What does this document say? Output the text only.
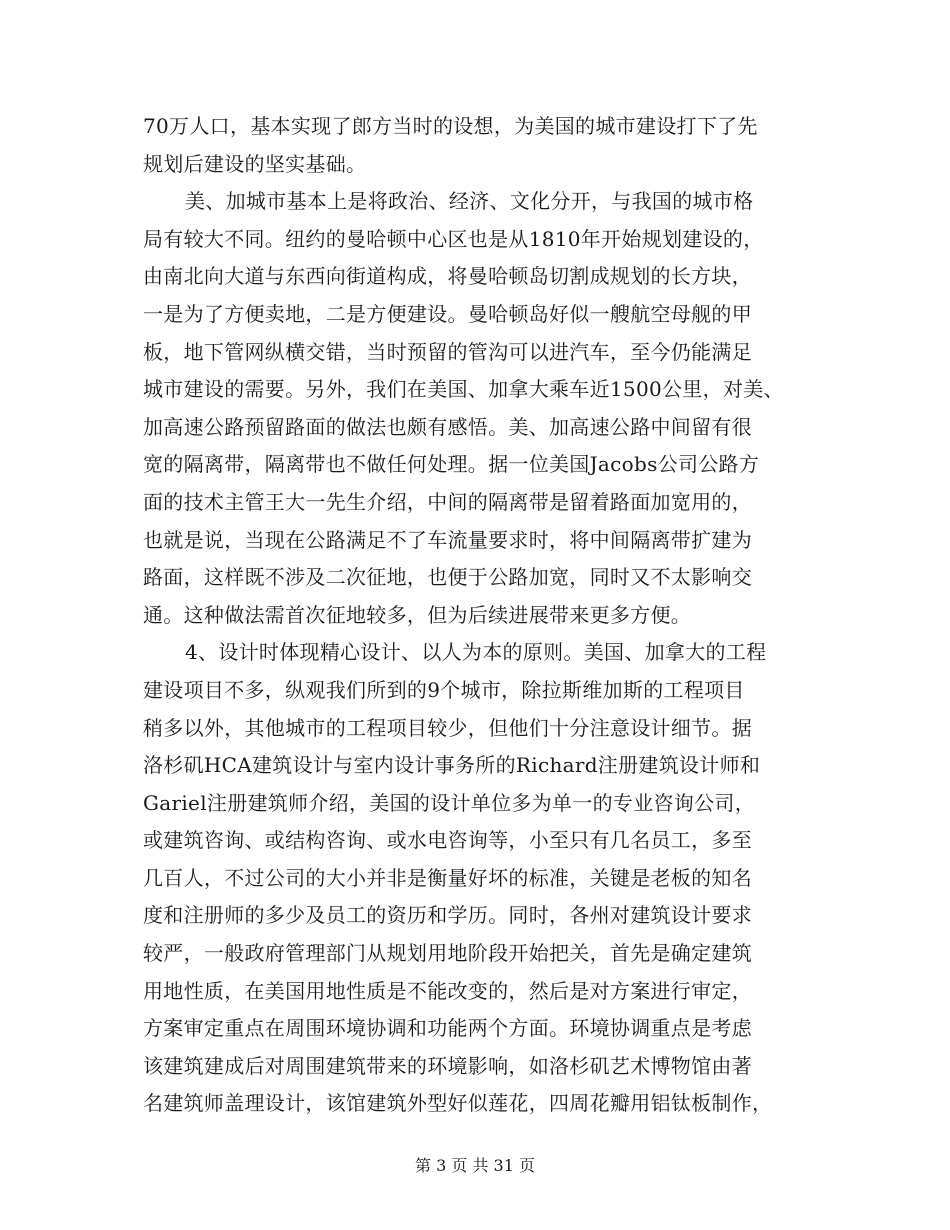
70万人口，基本实现了郎方当时的设想，为美国的城市建设打下了先
规划后建设的坚实基础。
美、加城市基本上是将政治、经济、文化分开，与我国的城市格
局有较大不同。纽约的曼哈顿中心区也是从1810年开始规划建设的，
由南北向大道与东西向街道构成，将曼哈顿岛切割成规划的长方块，
一是为了方便卖地，二是方便建设。曼哈顿岛好似一艘航空母舰的甲
板，地下管网纵横交错，当时预留的管沟可以进汽车，至今仍能满足
城市建设的需要。另外，我们在美国、加拿大乘车近1500公里，对美、
加高速公路预留路面的做法也颇有感悟。美、加高速公路中间留有很
宽的隔离带，隔离带也不做任何处理。据一位美国Jacobs公司公路方
面的技术主管王大一先生介绍，中间的隔离带是留着路面加宽用的，
也就是说，当现在公路满足不了车流量要求时，将中间隔离带扩建为
路面，这样既不涉及二次征地，也便于公路加宽，同时又不太影响交
通。这种做法需首次征地较多，但为后续进展带来更多方便。
4、设计时体现精心设计、以人为本的原则。美国、加拿大的工程
建设项目不多，纵观我们所到的9个城市，除拉斯维加斯的工程项目
稍多以外，其他城市的工程项目较少，但他们十分注意设计细节。据
洛杉矶HCA建筑设计与室内设计事务所的Richard注册建筑设计师和
Gariel注册建筑师介绍，美国的设计单位多为单一的专业咨询公司，
或建筑咨询、或结构咨询、或水电咨询等，小至只有几名员工，多至
几百人，不过公司的大小并非是衡量好坏的标准，关键是老板的知名
度和注册师的多少及员工的资历和学历。同时，各州对建筑设计要求
较严，一般政府管理部门从规划用地阶段开始把关，首先是确定建筑
用地性质，在美国用地性质是不能改变的，然后是对方案进行审定，
方案审定重点在周围环境协调和功能两个方面。环境协调重点是考虑
该建筑建成后对周围建筑带来的环境影响，如洛杉矶艺术博物馆由著
名建筑师盖理设计，该馆建筑外型好似莲花，四周花瓣用铝钛板制作，
第 3 页 共 31 页
